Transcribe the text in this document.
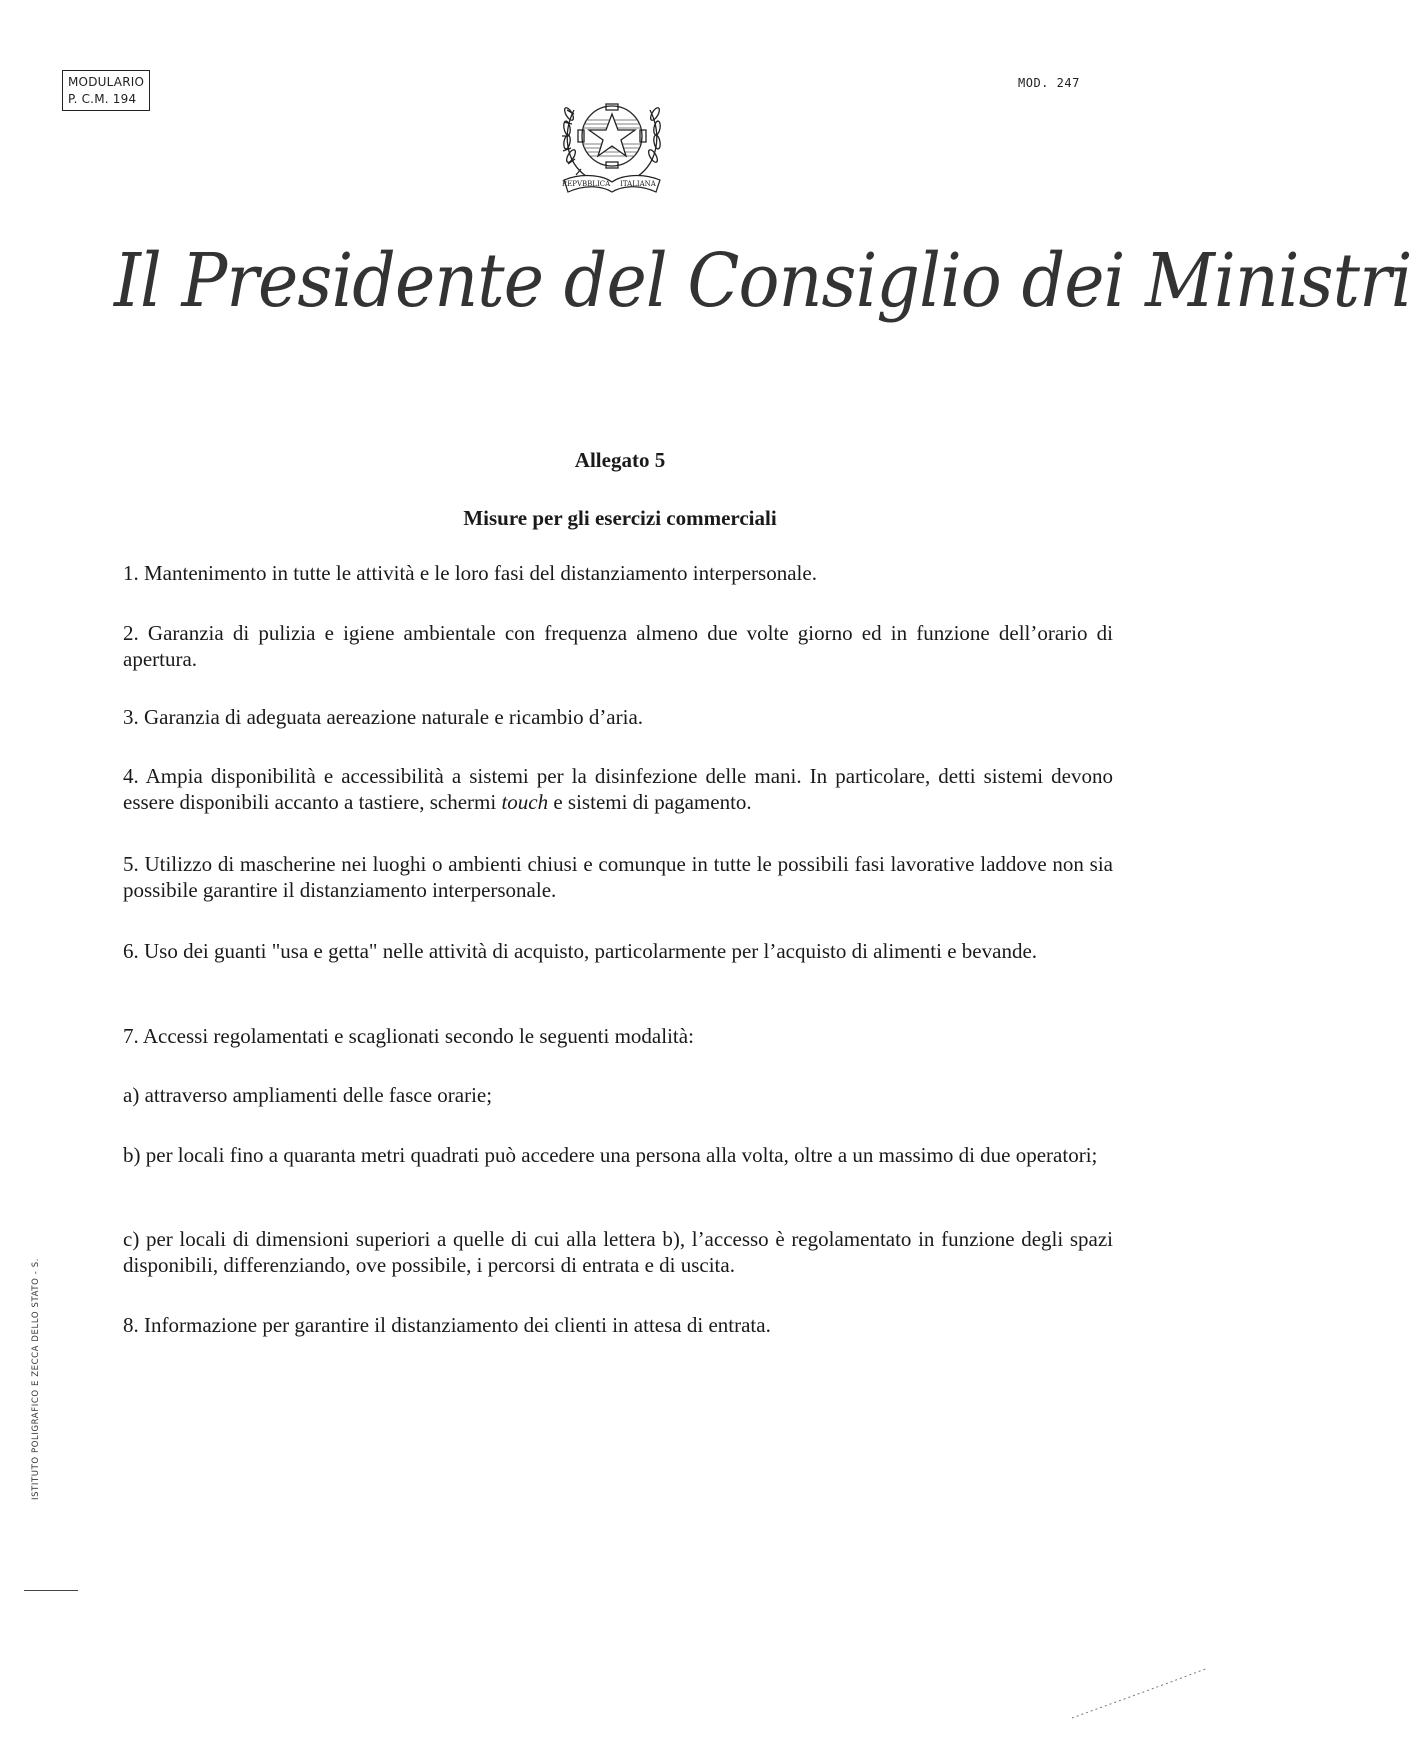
MODULARIO
P. C.M. 194
MOD. 247
REPVBBLICA ITALIANA
Il Presidente del Consiglio dei Ministri
Allegato 5
Misure per gli esercizi commerciali
1. Mantenimento in tutte le attività e le loro fasi del distanziamento interpersonale.
2. Garanzia di pulizia e igiene ambientale con frequenza almeno due volte giorno ed in funzione dell’orario di apertura.
3. Garanzia di adeguata aereazione naturale e ricambio d’aria.
4. Ampia disponibilità e accessibilità a sistemi per la disinfezione delle mani. In particolare, detti sistemi devono essere disponibili accanto a tastiere, schermi touch e sistemi di pagamento.
5. Utilizzo di mascherine nei luoghi o ambienti chiusi e comunque in tutte le possibili fasi lavorative laddove non sia possibile garantire il distanziamento interpersonale.
6. Uso dei guanti "usa e getta" nelle attività di acquisto, particolarmente per l’acquisto di alimenti e bevande.
7. Accessi regolamentati e scaglionati secondo le seguenti modalità:
a) attraverso ampliamenti delle fasce orarie;
b) per locali fino a quaranta metri quadrati può accedere una persona alla volta, oltre a un massimo di due operatori;
c) per locali di dimensioni superiori a quelle di cui alla lettera b), l’accesso è regolamentato in funzione degli spazi disponibili, differenziando, ove possibile, i percorsi di entrata e di uscita.
8. Informazione per garantire il distanziamento dei clienti in attesa di entrata.
ISTITUTO POLIGRAFICO E ZECCA DELLO STATO - S.
